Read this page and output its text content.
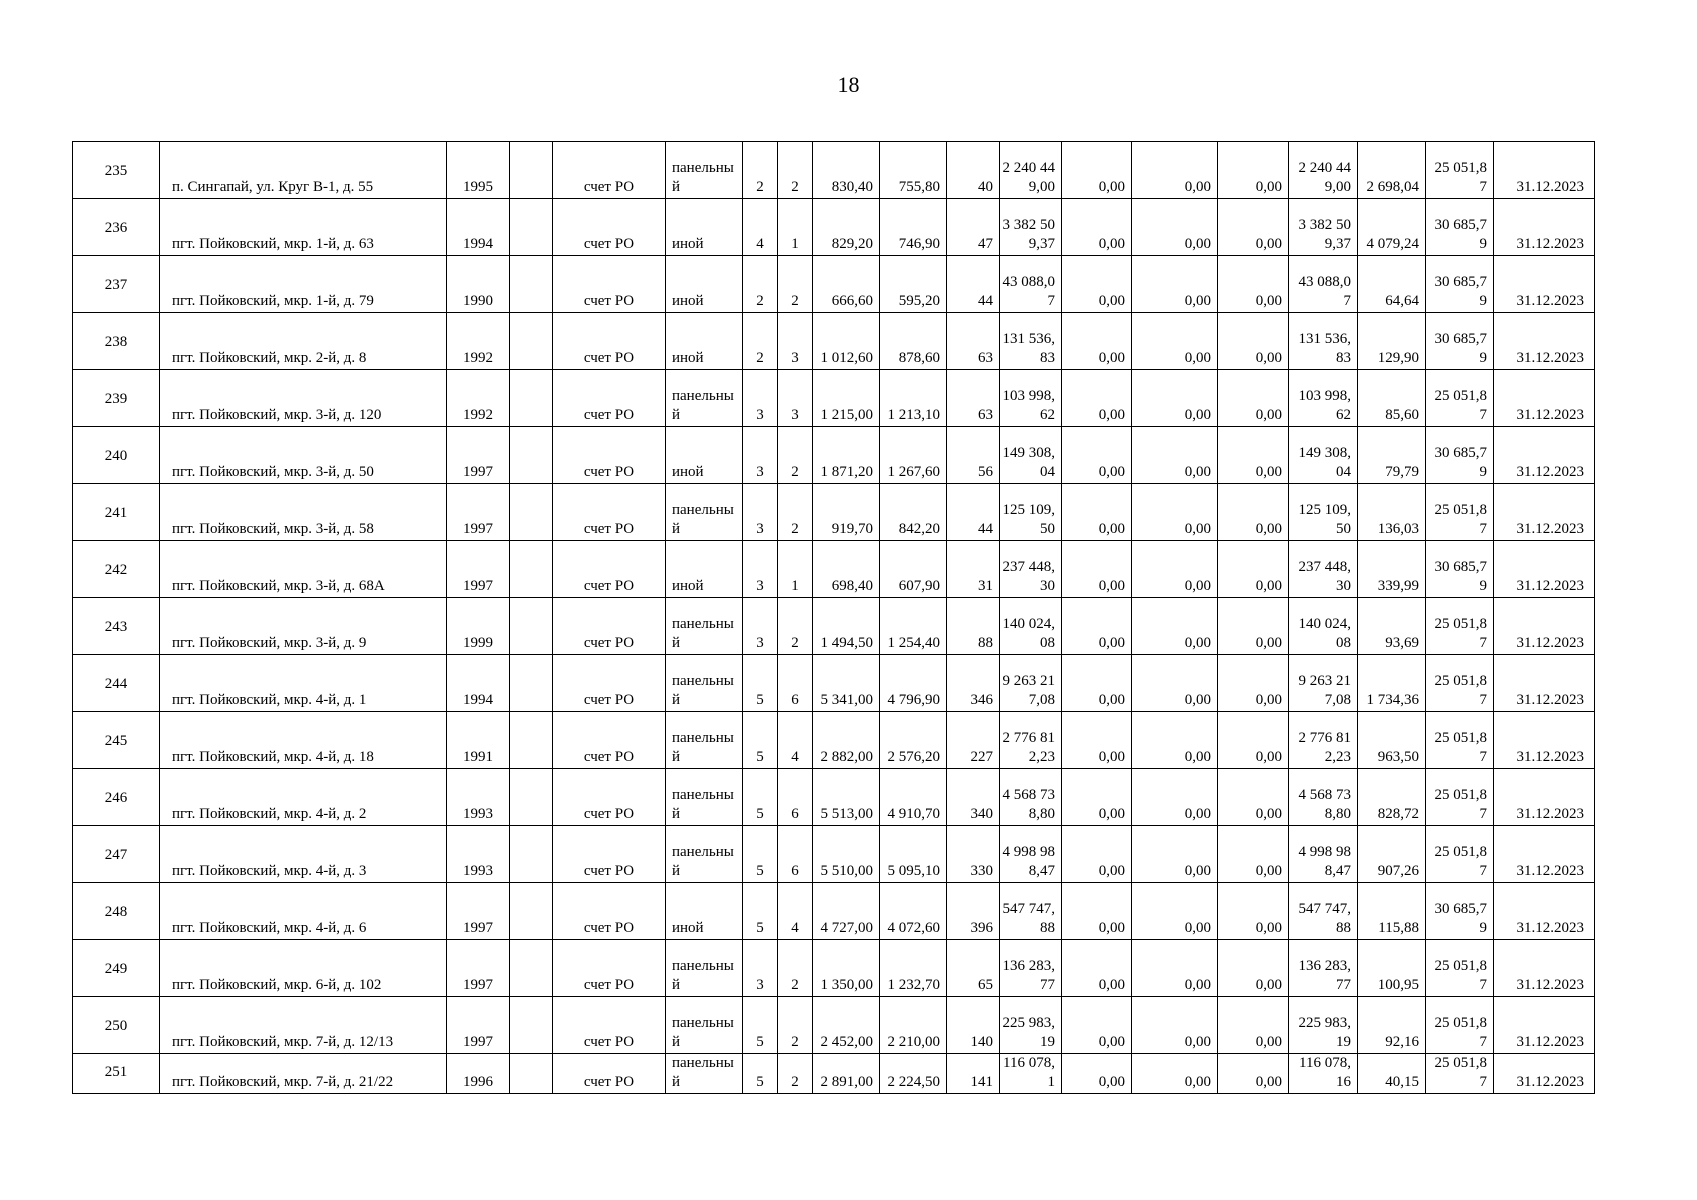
18
235	п. Сингапай, ул. Круг В-1, д. 55	1995		счет РО	панельный	2	2	830,40	755,80	40	2 240 449,00	0,00	0,00	0,00	2 240 449,00	2 698,04	25 051,87	31.12.2023
236	пгт. Пойковский, мкр. 1-й, д. 63	1994		счет РО	иной	4	1	829,20	746,90	47	3 382 509,37	0,00	0,00	0,00	3 382 509,37	4 079,24	30 685,79	31.12.2023
237	пгт. Пойковский, мкр. 1-й, д. 79	1990		счет РО	иной	2	2	666,60	595,20	44	43 088,07	0,00	0,00	0,00	43 088,07	64,64	30 685,79	31.12.2023
238	пгт. Пойковский, мкр. 2-й, д. 8	1992		счет РО	иной	2	3	1 012,60	878,60	63	131 536,83	0,00	0,00	0,00	131 536,83	129,90	30 685,79	31.12.2023
239	пгт. Пойковский, мкр. 3-й, д. 120	1992		счет РО	панельный	3	3	1 215,00	1 213,10	63	103 998,62	0,00	0,00	0,00	103 998,62	85,60	25 051,87	31.12.2023
240	пгт. Пойковский, мкр. 3-й, д. 50	1997		счет РО	иной	3	2	1 871,20	1 267,60	56	149 308,04	0,00	0,00	0,00	149 308,04	79,79	30 685,79	31.12.2023
241	пгт. Пойковский, мкр. 3-й, д. 58	1997		счет РО	панельный	3	2	919,70	842,20	44	125 109,50	0,00	0,00	0,00	125 109,50	136,03	25 051,87	31.12.2023
242	пгт. Пойковский, мкр. 3-й, д. 68А	1997		счет РО	иной	3	1	698,40	607,90	31	237 448,30	0,00	0,00	0,00	237 448,30	339,99	30 685,79	31.12.2023
243	пгт. Пойковский, мкр. 3-й, д. 9	1999		счет РО	панельный	3	2	1 494,50	1 254,40	88	140 024,08	0,00	0,00	0,00	140 024,08	93,69	25 051,87	31.12.2023
244	пгт. Пойковский, мкр. 4-й, д. 1	1994		счет РО	панельный	5	6	5 341,00	4 796,90	346	9 263 217,08	0,00	0,00	0,00	9 263 217,08	1 734,36	25 051,87	31.12.2023
245	пгт. Пойковский, мкр. 4-й, д. 18	1991		счет РО	панельный	5	4	2 882,00	2 576,20	227	2 776 812,23	0,00	0,00	0,00	2 776 812,23	963,50	25 051,87	31.12.2023
246	пгт. Пойковский, мкр. 4-й, д. 2	1993		счет РО	панельный	5	6	5 513,00	4 910,70	340	4 568 738,80	0,00	0,00	0,00	4 568 738,80	828,72	25 051,87	31.12.2023
247	пгт. Пойковский, мкр. 4-й, д. 3	1993		счет РО	панельный	5	6	5 510,00	5 095,10	330	4 998 988,47	0,00	0,00	0,00	4 998 988,47	907,26	25 051,87	31.12.2023
248	пгт. Пойковский, мкр. 4-й, д. 6	1997		счет РО	иной	5	4	4 727,00	4 072,60	396	547 747,88	0,00	0,00	0,00	547 747,88	115,88	30 685,79	31.12.2023
249	пгт. Пойковский, мкр. 6-й, д. 102	1997		счет РО	панельный	3	2	1 350,00	1 232,70	65	136 283,77	0,00	0,00	0,00	136 283,77	100,95	25 051,87	31.12.2023
250	пгт. Пойковский, мкр. 7-й, д. 12/13	1997		счет РО	панельный	5	2	2 452,00	2 210,00	140	225 983,19	0,00	0,00	0,00	225 983,19	92,16	25 051,87	31.12.2023
251	пгт. Пойковский, мкр. 7-й, д. 21/22	1996		счет РО	панельный	5	2	2 891,00	2 224,50	141	116 078,1	0,00	0,00	0,00	116 078,16	40,15	25 051,87	31.12.2023
